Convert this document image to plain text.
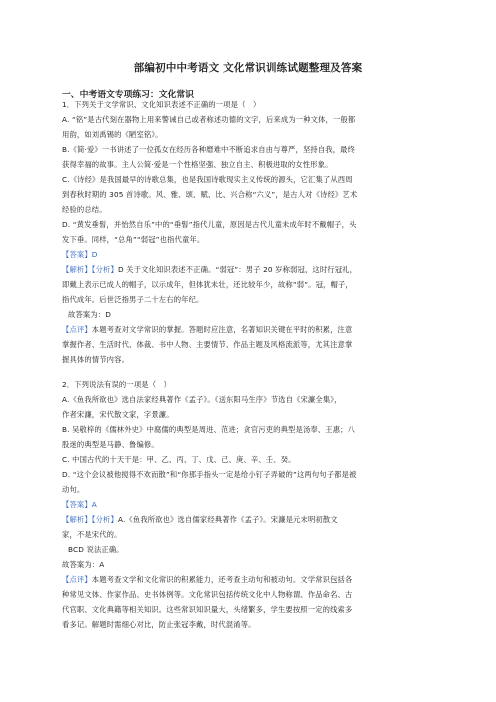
部编初中中考语文 文化常识训练试题整理及答案
一、中考语文专项练习：文化常识
1．下列关于文学常识、文化知识表述不正确的一项是（　）
A. “铭”是古代刻在器物上用来警诫自己或者称述功德的文字，后来成为一种文体，一般都
用韵，如刘禹锡的《陋室铭》。
B.《简·爱》一书讲述了一位孤女在经历各种磨难中不断追求自由与尊严，坚持自我，最终
获得幸福的故事。主人公简·爱是一个性格坚强、独立自主、积极进取的女性形象。
C.《诗经》是我国最早的诗歌总集，也是我国诗歌现实主义传统的源头，它汇集了从西周
到春秋时期的 305 首诗歌。风、雅、颂、赋、比、兴合称“六义”，是古人对《诗经》艺术
经验的总结。
D. “黄发垂髫，并怡然自乐”中的“垂髫”指代儿童，原因是古代儿童未成年时不戴帽子，头
发下垂。同样，“总角”“弱冠”也指代童年。
【答案】D
【解析】【分析】D 关于文化知识表述不正确。“弱冠”：男子 20 岁称弱冠，这时行冠礼，
即戴上表示已成人的帽子，以示成年，但体犹未壮，还比较年少，故称“弱”。冠，帽子，
指代成年。后世泛指男子二十左右的年纪。
故答案为：D
【点评】本题考查对文学常识的掌握。答题时应注意，名著知识关键在平时的积累，注意
掌握作者、生活时代、体裁、书中人物、主要情节、作品主题及风格流派等，尤其注意掌
握具体的情节内容。
2．下列说法有误的一项是（　）
A.《鱼我所欲也》选自法家经典著作《孟子》。《送东阳马生序》节选自《宋濂全集》，
作者宋濂，宋代散文家，字景濂。
B. 吴敬梓的《儒林外史》中腐儒的典型是周进、范进；贪官污吏的典型是汤奉、王惠；八
股迷的典型是马静、鲁编修。
C. 中国古代的十天干是：甲、乙、丙、丁、戊、己、庚、辛、壬、癸。
D. “这个会议被他搅得不欢而散”和“你那手指头一定是给小钉子弄破的”这两句句子都是被
动句。
【答案】A
【解析】【分析】A.《鱼我所欲也》选自儒家经典著作《孟子》。宋濂是元末明初散文
家，不是宋代的。
BCD 说法正确。
故答案为：A
【点评】本题考查文学和文化常识的积累能力，还考查主动句和被动句。文学常识包括各
种常见文体、作家作品、史书体例等。文化常识包括传统文化中人物称谓、作品命名、古
代官职、文化典籍等相关知识。这些常识知识量大，头绪繁多，学生要按照一定的线索多
看多记。解题时需细心对比，防止张冠李戴，时代混淆等。
